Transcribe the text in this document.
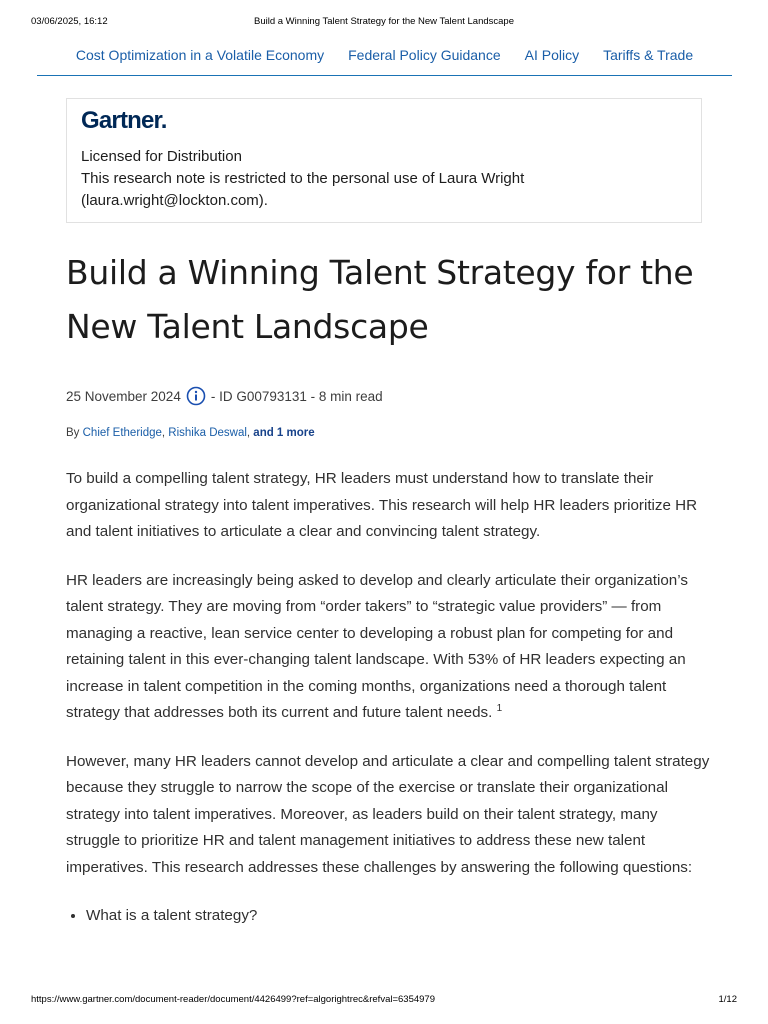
03/06/2025, 16:12	Build a Winning Talent Strategy for the New Talent Landscape
Cost Optimization in a Volatile Economy Federal Policy Guidance AI Policy Tariffs & Trade
Gartner.
Licensed for Distribution
This research note is restricted to the personal use of Laura Wright
(laura.wright@lockton.com).
Build a Winning Talent Strategy for the New Talent Landscape
25 November 2024 - ID G00793131 - 8 min read
By Chief Etheridge, Rishika Deswal, and 1 more

To build a compelling talent strategy, HR leaders must understand how to translate their organizational strategy into talent imperatives. This research will help HR leaders prioritize HR and talent initiatives to articulate a clear and convincing talent strategy.

HR leaders are increasingly being asked to develop and clearly articulate their organization’s talent strategy. They are moving from “order takers” to “strategic value providers” — from managing a reactive, lean service center to developing a robust plan for competing for and retaining talent in this ever-changing talent landscape. With 53% of HR leaders expecting an increase in talent competition in the coming months, organizations need a thorough talent strategy that addresses both its current and future talent needs. $^1$

However, many HR leaders cannot develop and articulate a clear and compelling talent strategy because they struggle to narrow the scope of the exercise or translate their organizational strategy into talent imperatives. Moreover, as leaders build on their talent strategy, many struggle to prioritize HR and talent management initiatives to address these new talent imperatives. This research addresses these challenges by answering the following questions:

• What is a talent strategy?
https://www.gartner.com/document-reader/document/4426499?ref=algorightrec&refval=6354979	1/12
